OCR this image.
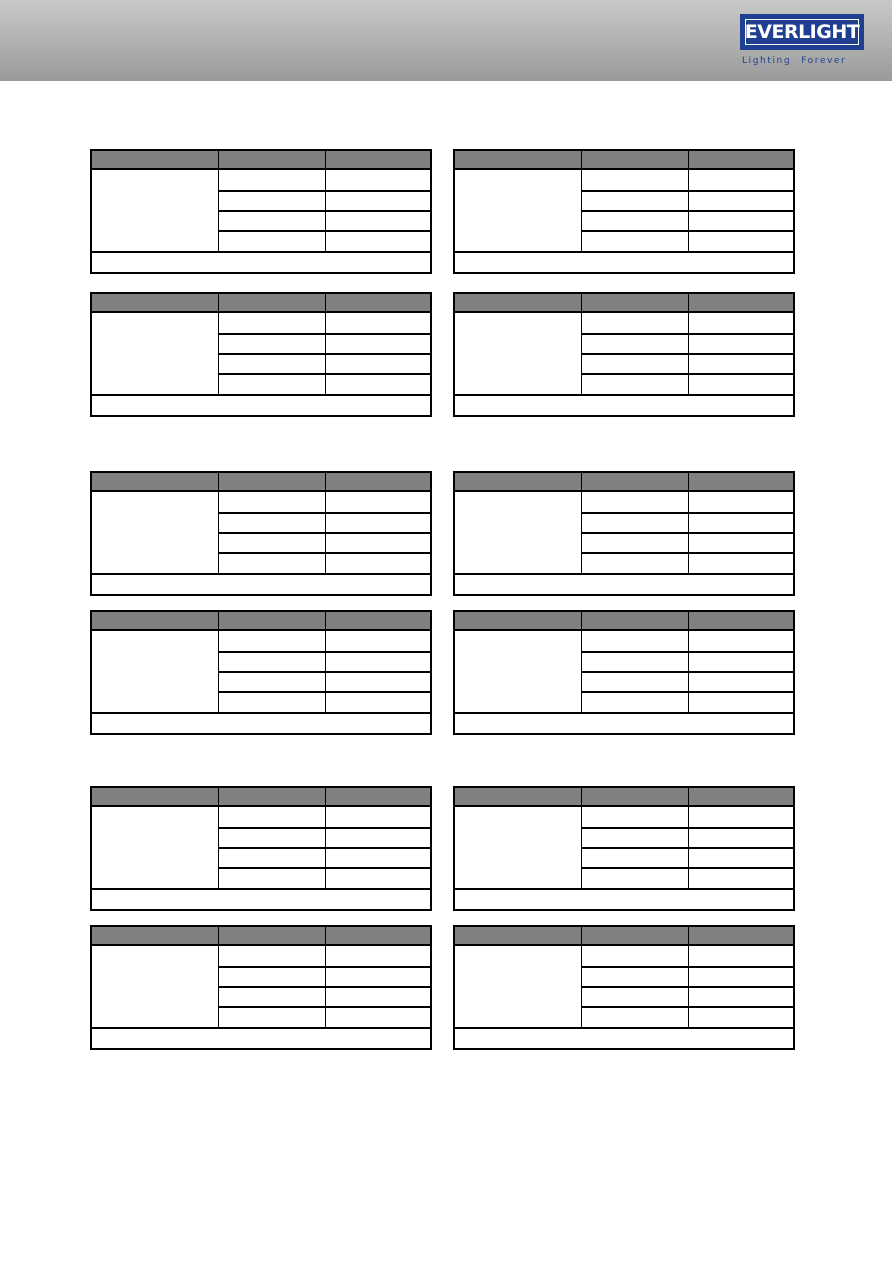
EVERLIGHT
Lighting Forever
